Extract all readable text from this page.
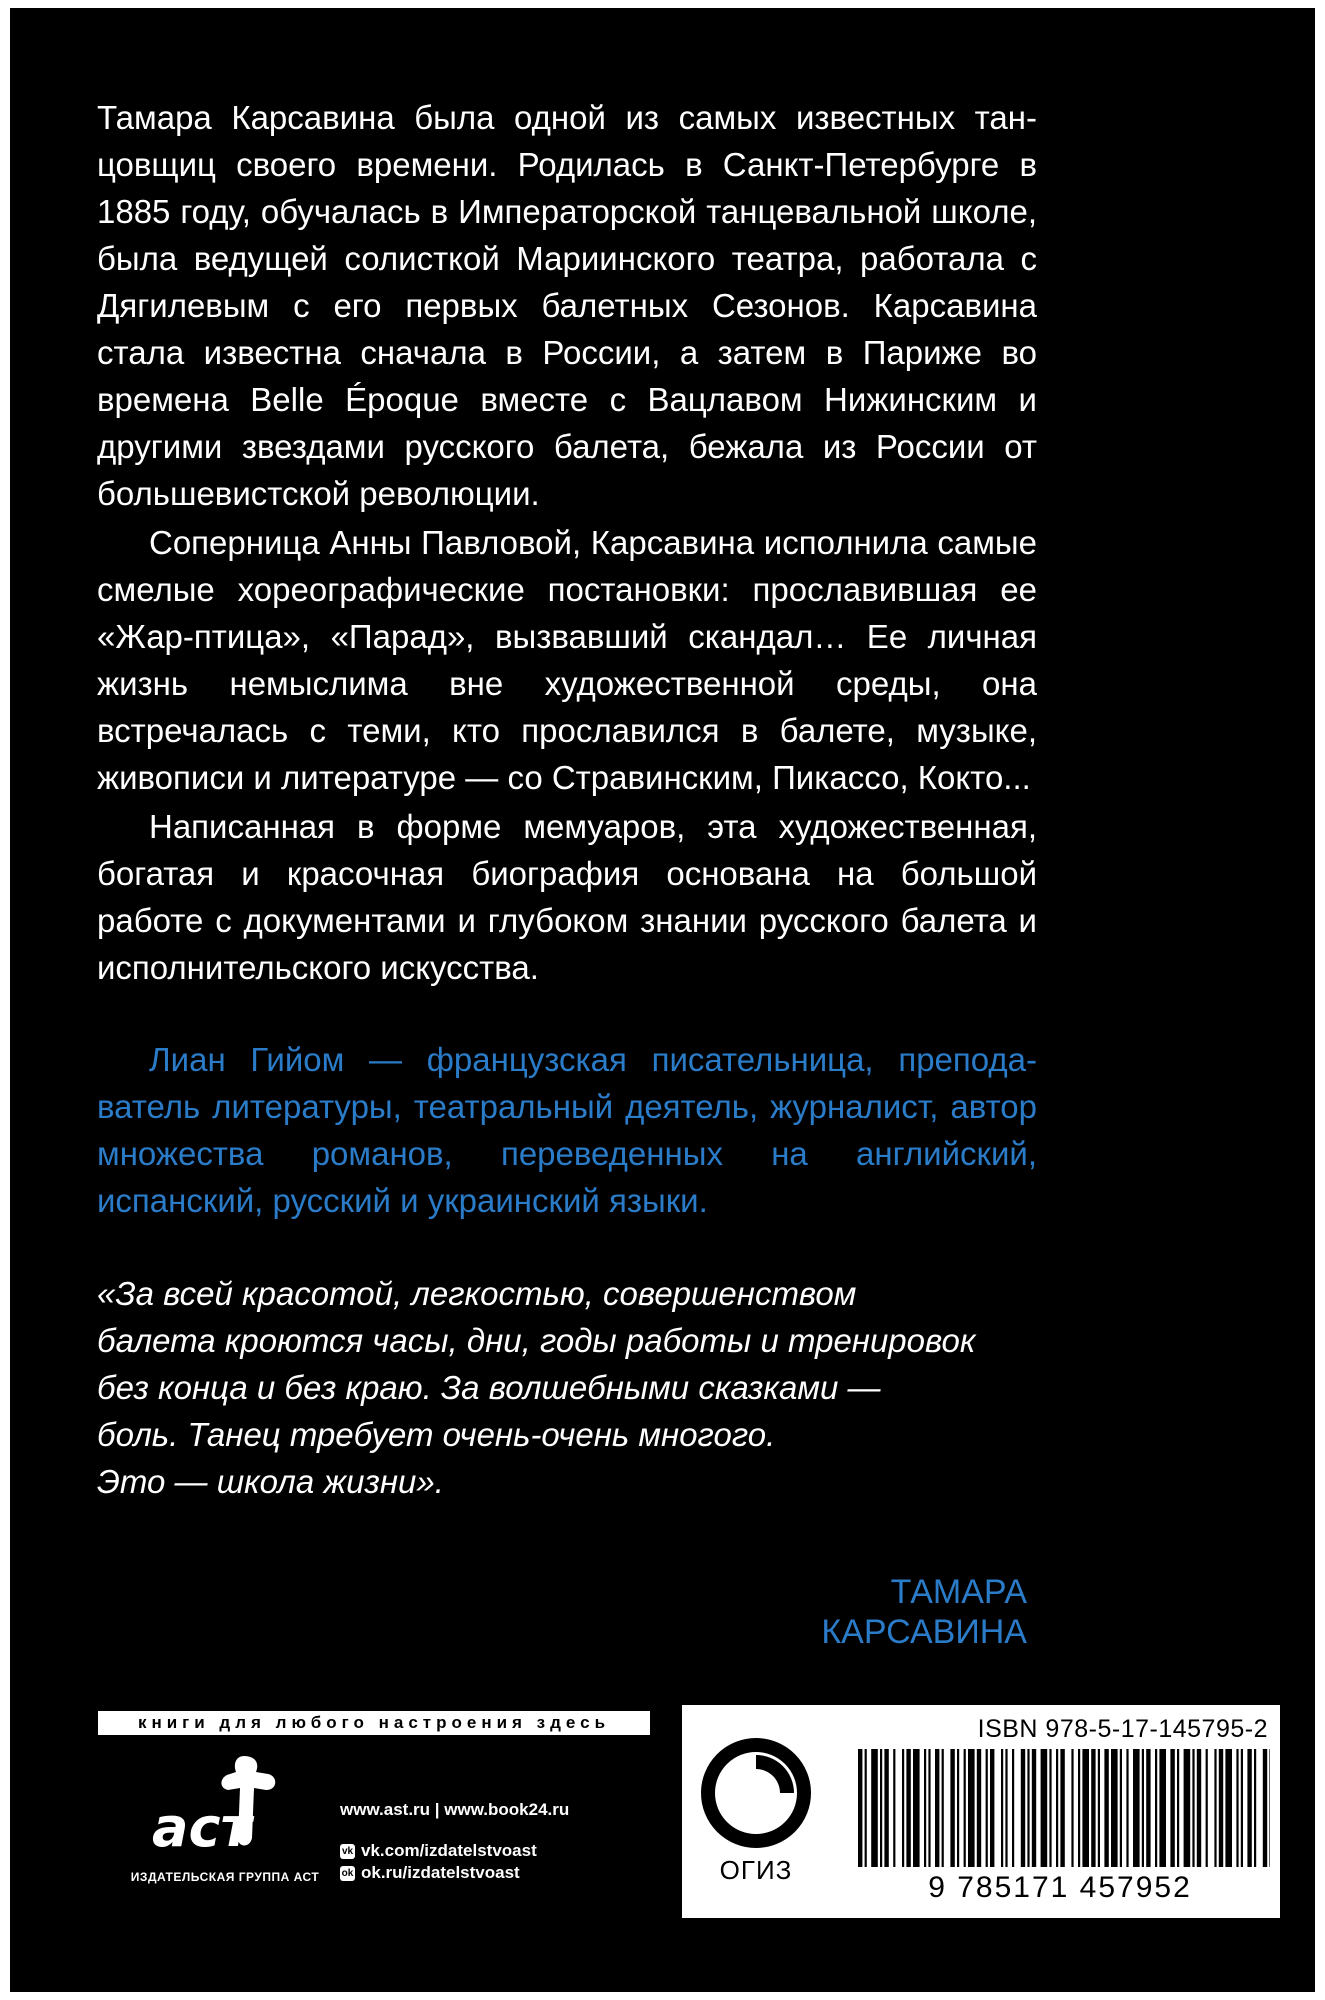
Тамара Карсавина была одной из самых известных танцовщиц своего времени. Родилась в Санкт-Петербурге в 1885 году, обучалась в Императорской танцевальной школе, была ведущей солисткой Мариинского театра, работала с Дягилевым с его первых балетных Сезонов. Карсавина стала известна сначала в России, а затем в Париже во времена Belle Époque вместе с Вацлавом Нижинским и другими звездами русского балета, бежала из России от большевистской революции.

Соперница Анны Павловой, Карсавина исполнила самые смелые хореографические постановки: прославившая ее «Жар-птица», «Парад», вызвавший скандал… Ее личная жизнь немыслима вне художественной среды, она встречалась с теми, кто прославился в балете, музыке, живописи и литературе — со Стравинским, Пикассо, Кокто...

Написанная в форме мемуаров, эта художественная, богатая и красочная биография основана на большой работе с документами и глубоком знании русского балета и исполнительского искусства.

Лиан Гийом — французская писательница, преподаватель литературы, театральный деятель, журналист, автор множества романов, переведенных на английский, испанский, русский и украинский языки.
«За всей красотой, легкостью, совершенством
балета кроются часы, дни, годы работы и тренировок
без конца и без краю. За волшебными сказками —
боль. Танец требует очень-очень многого.
Это — школа жизни».
ТАМАРА
КАРСАВИНА
книги для любого настроения здесь
аст
ИЗДАТЕЛЬСКАЯ ГРУППА АСТ
www.ast.ru | www.book24.ru
vk vk.com/izdatelstvoast
ok ok.ru/izdatelstvoast	ОГИЗ
ISBN 978-5-17-145795-2
9 785171 457952
